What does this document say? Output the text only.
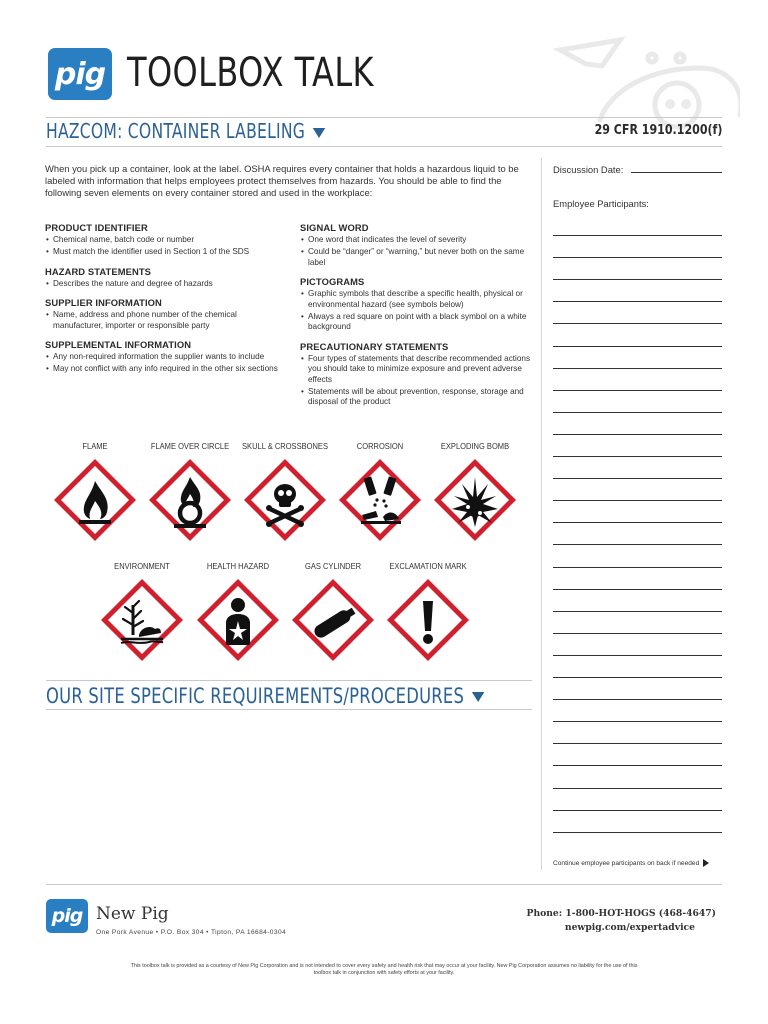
pig TOOLBOX TALK
HAZCOM: CONTAINER LABELING	29 CFR 1910.1200(f)

When you pick up a container, look at the label. OSHA requires every container that holds a hazardous liquid to be labeled with information that helps employees protect themselves from hazards. You should be able to find the following seven elements on every container stored and used in the workplace:

PRODUCT IDENTIFIER
• Chemical name, batch code or number
• Must match the identifier used in Section 1 of the SDS
HAZARD STATEMENTS
• Describes the nature and degree of hazards
SUPPLIER INFORMATION
• Name, address and phone number of the chemical manufacturer, importer or responsible party
SUPPLEMENTAL INFORMATION
• Any non-required information the supplier wants to include
• May not conflict with any info required in the other six sections
SIGNAL WORD
• One word that indicates the level of severity
• Could be “danger” or “warning,” but never both on the same label
PICTOGRAMS
• Graphic symbols that describe a specific health, physical or environmental hazard (see symbols below)
• Always a red square on point with a black symbol on a white background
PRECAUTIONARY STATEMENTS
• Four types of statements that describe recommended actions you should take to minimize exposure and prevent adverse effects
• Statements will be about prevention, response, storage and disposal of the product
FLAME	FLAME OVER CIRCLE	SKULL & CROSSBONES	CORROSION	EXPLODING BOMB
ENVIRONMENT	HEALTH HAZARD	GAS CYLINDER	EXCLAMATION MARK
OUR SITE SPECIFIC REQUIREMENTS/PROCEDURES
Discussion Date:
Employee Participants:
Continue employee participants on back if needed
pig New Pig
One Pork Avenue • P.O. Box 304 • Tipton, PA 16684-0304
Phone: 1-800-HOT-HOGS (468-4647)
newpig.com/expertadvice
This toolbox talk is provided as a courtesy of New Pig Corporation and is not intended to cover every safety and health risk that may occur at your facility. New Pig Corporation assumes no liability for the use of this toolbox talk in conjunction with safety efforts at your facility.
